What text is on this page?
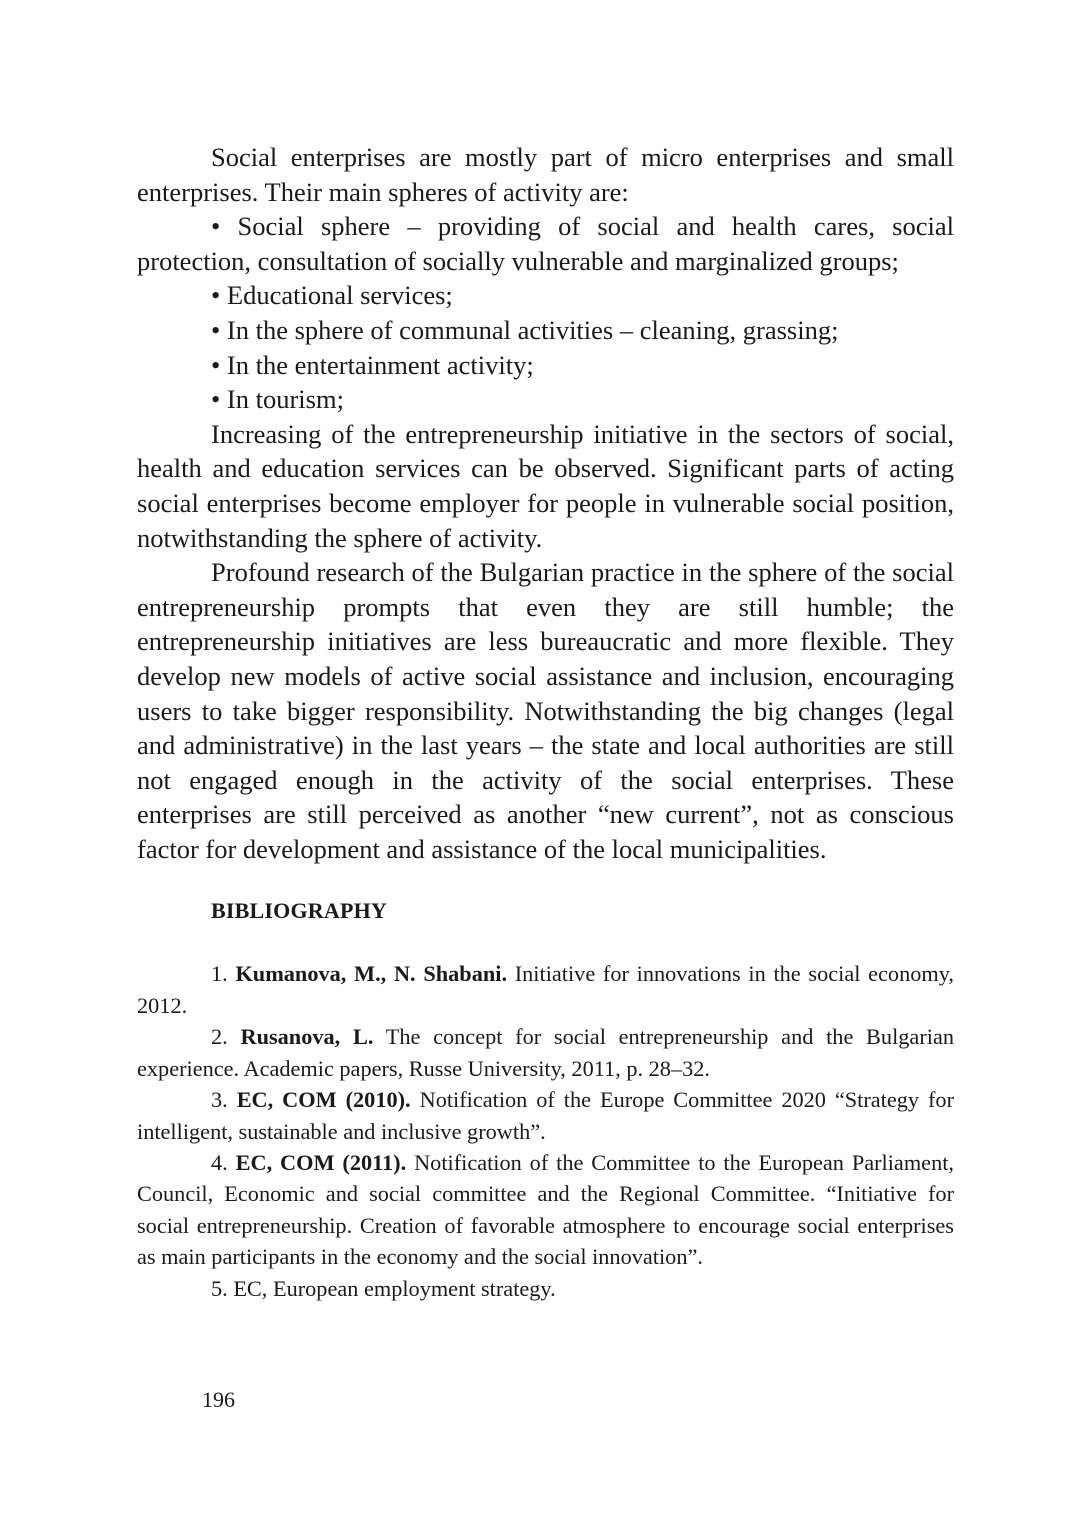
Social enterprises are mostly part of micro enterprises and small enterprises. Their main spheres of activity are:

• Social sphere – providing of social and health cares, social protection, consultation of socially vulnerable and marginalized groups;

• Educational services;

• In the sphere of communal activities – cleaning, grassing;

• In the entertainment activity;

• In tourism;

Increasing of the entrepreneurship initiative in the sectors of social, health and education services can be observed. Significant parts of acting social enterprises become employer for people in vulnerable social position, notwithstanding the sphere of activity.

Profound research of the Bulgarian practice in the sphere of the social entrepreneurship prompts that even they are still humble; the entrepreneurship initiatives are less bureaucratic and more flexible. They develop new models of active social assistance and inclusion, encouraging users to take bigger responsibility. Notwithstanding the big changes (legal and administrative) in the last years – the state and local authorities are still not engaged enough in the activity of the social enterprises. These enterprises are still perceived as another “new current”, not as conscious factor for development and assistance of the local municipalities.

BIBLIOGRAPHY

1. Kumanova, M., N. Shabani. Initiative for innovations in the social economy, 2012.

2. Rusanova, L. The concept for social entrepreneurship and the Bulgarian experience. Academic papers, Russe University, 2011, p. 28–32.

3. EC, COM (2010). Notification of the Europe Committee 2020 “Strategy for intelligent, sustainable and inclusive growth”.

4. EC, COM (2011). Notification of the Committee to the European Parliament, Council, Economic and social committee and the Regional Committee. “Initiative for social entrepreneurship. Creation of favorable atmosphere to encourage social enterprises as main participants in the economy and the social innovation”.

5. EC, European employment strategy.

196
